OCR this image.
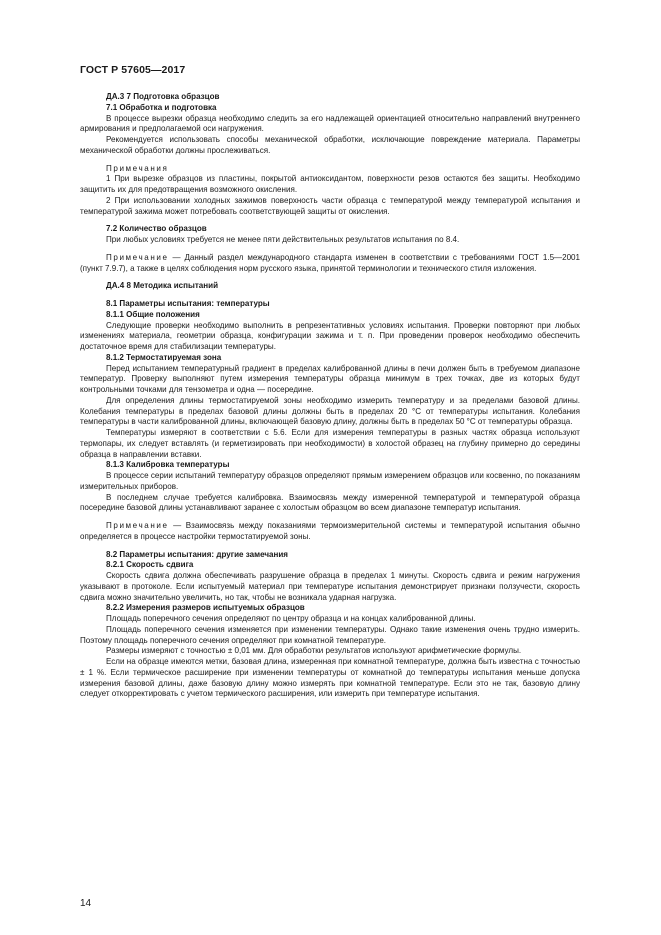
ГОСТ Р 57605—2017
ДА.3 7 Подготовка образцов
7.1 Обработка и подготовка

В процессе вырезки образца необходимо следить за его надлежащей ориентацией относительно направлений внутреннего армирования и предполагаемой оси нагружения.

Рекомендуется использовать способы механической обработки, исключающие повреждение материала. Параметры механической обработки должны прослеживаться.

Примечания

1 При вырезке образцов из пластины, покрытой антиоксидантом, поверхности резов остаются без защиты. Необходимо защитить их для предотвращения возможного окисления.

2 При использовании холодных зажимов поверхность части образца с температурой между температурой испытания и температурой зажима может потребовать соответствующей защиты от окисления.

7.2 Количество образцов

При любых условиях требуется не менее пяти действительных результатов испытания по 8.4.

Примечание — Данный раздел международного стандарта изменен в соответствии с требованиями ГОСТ 1.5—2001 (пункт 7.9.7), а также в целях соблюдения норм русского языка, принятой терминологии и технического стиля изложения.

ДА.4 8 Методика испытаний
8.1 Параметры испытания: температуры
8.1.1 Общие положения

Следующие проверки необходимо выполнить в репрезентативных условиях испытания. Проверки повторяют при любых изменениях материала, геометрии образца, конфигурации зажима и т. п. При проведении проверок необходимо обеспечить достаточное время для стабилизации температуры.

8.1.2 Термостатируемая зона

Перед испытанием температурный градиент в пределах калиброванной длины в печи должен быть в требуемом диапазоне температур. Проверку выполняют путем измерения температуры образца минимум в трех точках, две из которых будут контрольными точками для тензометра и одна — посередине.

Для определения длины термостатируемой зоны необходимо измерить температуру и за пределами базовой длины. Колебания температуры в пределах базовой длины должны быть в пределах 20 °С от температуры испытания. Колебания температуры в части калиброванной длины, включающей базовую длину, должны быть в пределах 50 °С от температуры образца.

Температуры измеряют в соответствии с 5.6. Если для измерения температуры в разных частях образца используют термопары, их следует вставлять (и герметизировать при необходимости) в холостой образец на глубину примерно до середины образца в направлении вставки.

8.1.3 Калибровка температуры

В процессе серии испытаний температуру образцов определяют прямым измерением образцов или косвенно, по показаниям измерительных приборов.

В последнем случае требуется калибровка. Взаимосвязь между измеренной температурой и температурой образца посередине базовой длины устанавливают заранее с холостым образцом во всем диапазоне температур испытания.

Примечание — Взаимосвязь между показаниями термоизмерительной системы и температурой испытания обычно определяется в процессе настройки термостатируемой зоны.

8.2 Параметры испытания: другие замечания
8.2.1 Скорость сдвига

Скорость сдвига должна обеспечивать разрушение образца в пределах 1 минуты. Скорость сдвига и режим нагружения указывают в протоколе. Если испытуемый материал при температуре испытания демонстрирует признаки ползучести, скорость сдвига можно значительно увеличить, но так, чтобы не возникала ударная нагрузка.

8.2.2 Измерения размеров испытуемых образцов

Площадь поперечного сечения определяют по центру образца и на концах калиброванной длины.

Площадь поперечного сечения изменяется при изменении температуры. Однако такие изменения очень трудно измерить. Поэтому площадь поперечного сечения определяют при комнатной температуре.

Размеры измеряют с точностью ± 0,01 мм. Для обработки результатов используют арифметические формулы.

Если на образце имеются метки, базовая длина, измеренная при комнатной температуре, должна быть известна с точностью ± 1 %. Если термическое расширение при изменении температуры от комнатной до температуры испытания меньше допуска измерения базовой длины, даже базовую длину можно измерять при комнатной температуре. Если это не так, базовую длину следует откорректировать с учетом термического расширения, или измерить при температуре испытания.

14
